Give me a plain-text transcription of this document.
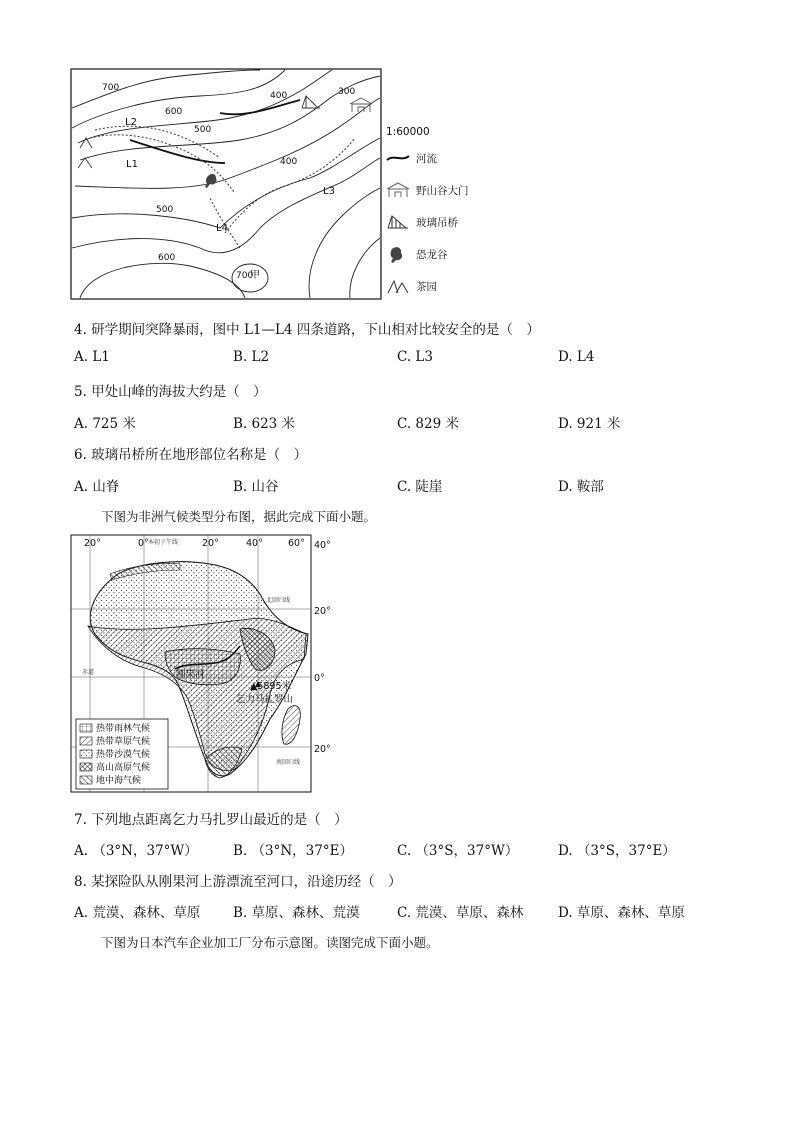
700
600
500
400	300
400
500
600
700
甲
L1
L2
L3
L4
1:60000
河流
野山谷大门
玻璃吊桥
恐龙谷
茶园
4. 研学期间突降暴雨，图中 L1—L4 四条道路，下山相对比较安全的是（　）
A. L1	B. L2	C. L3	D. L4
5. 甲处山峰的海拔大约是（　）
A. 725 米	B. 623 米	C. 829 米	D. 921 米
6. 玻璃吊桥所在地形部位名称是（　）
A. 山脊	B. 山谷	C. 陡崖	D. 鞍部
下图为非洲气候类型分布图，据此完成下面小题。
20°	0°	20°	40°	60° 40°
20°
0°
20°
本初子午线
北回归线
赤道
南回归线
刚果河
▲5895米
乞力马扎罗山
热带雨林气候
热带草原气候
热带沙漠气候
高山高原气候
地中海气候
7. 下列地点距离乞力马扎罗山最近的是（　）
A. （3°N，37°W）	B. （3°N，37°E）	C. （3°S，37°W）	D. （3°S，37°E）
8. 某探险队从刚果河上游漂流至河口，沿途历经（　）
A. 荒漠、森林、草原 B. 草原、森林、荒漠	C. 荒漠、草原、森林	D. 草原、森林、草原
下图为日本汽车企业加工厂分布示意图。读图完成下面小题。
